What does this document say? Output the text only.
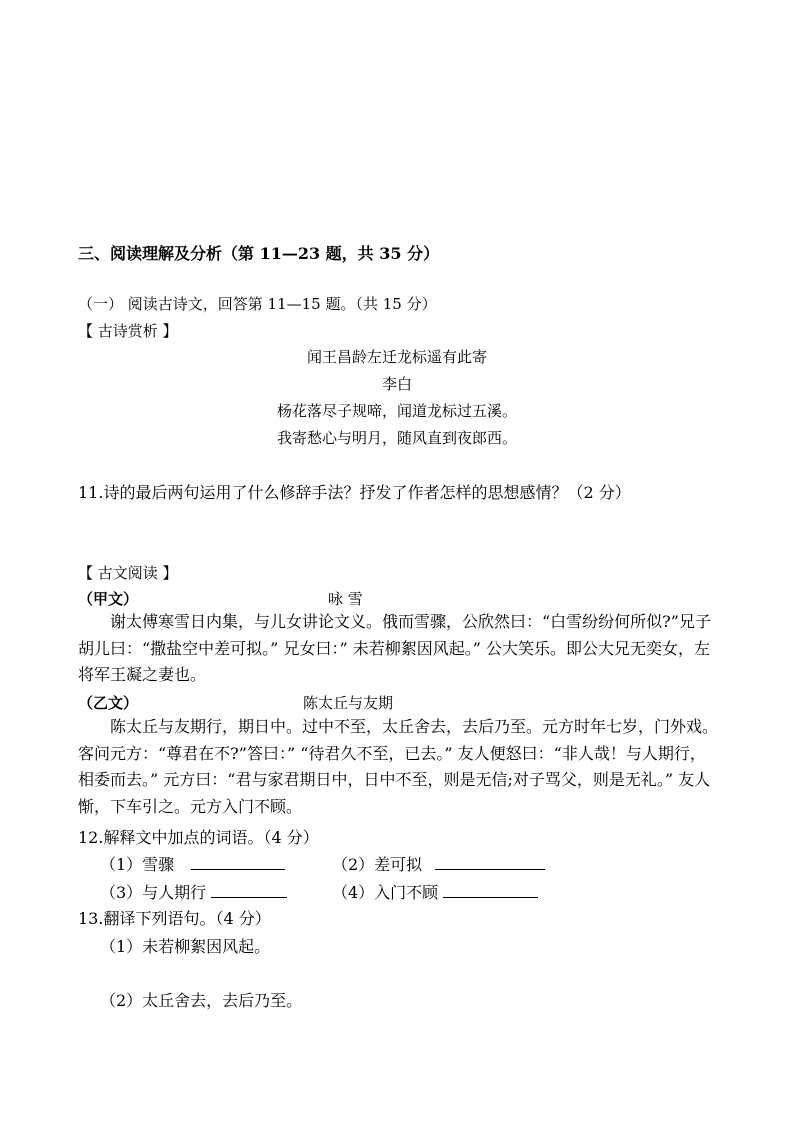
三、阅读理解及分析（第 11—23 题，共 35 分）
（一） 阅读古诗文，回答第 11—15 题。（共 15 分）
【 古诗赏析 】
闻王昌龄左迁龙标遥有此寄
李白
杨花落尽子规啼，闻道龙标过五溪。
我寄愁心与明月，随风直到夜郎西。
11.诗的最后两句运用了什么修辞手法？抒发了作者怎样的思想感情？（2 分）
【 古文阅读 】
（甲文）	咏 雪
谢太傅寒雪日内集，与儿女讲论文义。俄而雪骤，公欣然曰：“白雪纷纷何所似?”兄子胡儿曰：“撒盐空中差可拟。” 兄女曰：” 未若柳絮因风起。” 公大笑乐。即公大兄无奕女，左将军王凝之妻也。
（乙文）	陈太丘与友期
陈太丘与友期行，期日中。过中不至，太丘舍去，去后乃至。元方时年七岁，门外戏。客问元方：“尊君在不?”答曰：” “待君久不至，已去。” 友人便怒曰：“非人哉！与人期行，相委而去。” 元方曰：“君与家君期日中，日中不至，则是无信;对子骂父，则是无礼。” 友人惭，下车引之。元方入门不顾。
12.解释文中加点的词语。（4 分）
（1）雪骤	（2）差可拟
（3）与人期行	（4）入门不顾
13.翻译下列语句。（4 分）
（1）未若柳絮因风起。
（2）太丘舍去，去后乃至。
